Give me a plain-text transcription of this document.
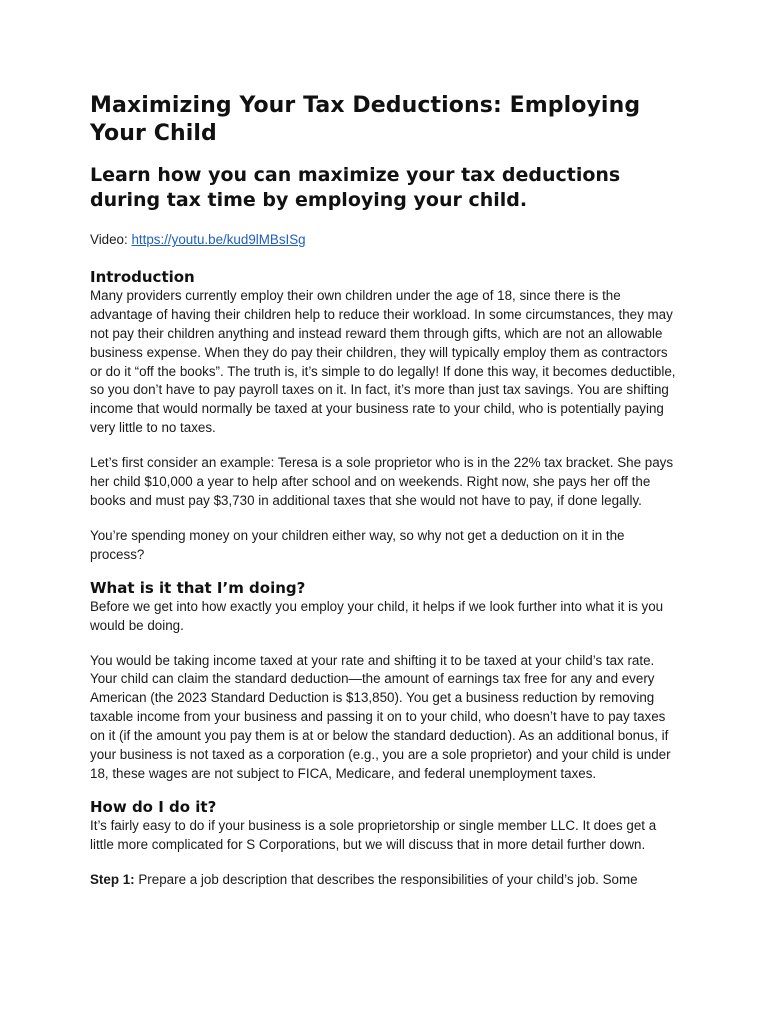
Maximizing Your Tax Deductions: Employing Your Child
Learn how you can maximize your tax deductions during tax time by employing your child.

Video: https://youtu.be/kud9lMBsISg

Introduction

Many providers currently employ their own children under the age of 18, since there is the advantage of having their children help to reduce their workload. In some circumstances, they may not pay their children anything and instead reward them through gifts, which are not an allowable business expense. When they do pay their children, they will typically employ them as contractors or do it “off the books”. The truth is, it’s simple to do legally! If done this way, it becomes deductible, so you don’t have to pay payroll taxes on it. In fact, it’s more than just tax savings. You are shifting income that would normally be taxed at your business rate to your child, who is potentially paying very little to no taxes.

Let’s first consider an example: Teresa is a sole proprietor who is in the 22% tax bracket. She pays her child $10,000 a year to help after school and on weekends. Right now, she pays her off the books and must pay $3,730 in additional taxes that she would not have to pay, if done legally.

You’re spending money on your children either way, so why not get a deduction on it in the process?

What is it that I’m doing?

Before we get into how exactly you employ your child, it helps if we look further into what it is you would be doing.

You would be taking income taxed at your rate and shifting it to be taxed at your child’s tax rate. Your child can claim the standard deduction—the amount of earnings tax free for any and every American (the 2023 Standard Deduction is $13,850). You get a business reduction by removing taxable income from your business and passing it on to your child, who doesn’t have to pay taxes on it (if the amount you pay them is at or below the standard deduction). As an additional bonus, if your business is not taxed as a corporation (e.g., you are a sole proprietor) and your child is under 18, these wages are not subject to FICA, Medicare, and federal unemployment taxes.

How do I do it?

It’s fairly easy to do if your business is a sole proprietorship or single member LLC. It does get a little more complicated for S Corporations, but we will discuss that in more detail further down.

Step 1: Prepare a job description that describes the responsibilities of your child’s job. Some
